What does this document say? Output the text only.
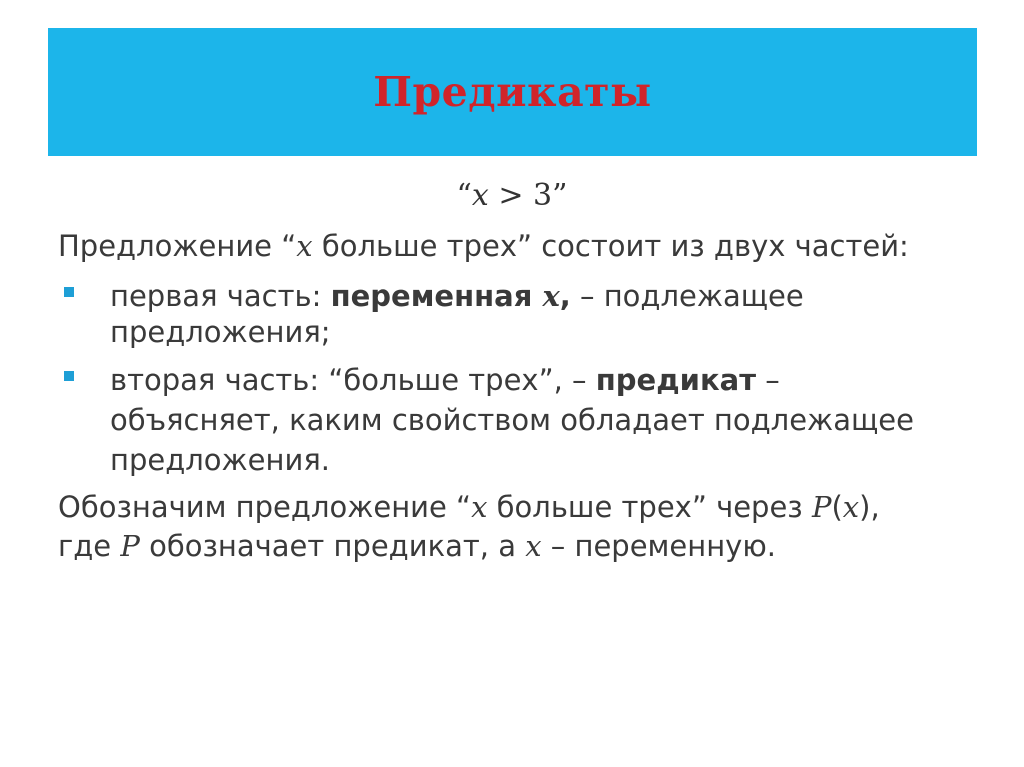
Предикаты
“x > 3”
Предложение “x больше трех” состоит из двух частей:
первая часть: переменная x, – подлежащее
предложения;
вторая часть: “больше трех”, – предикат –
объясняет, каким свойством обладает подлежащее
предложения.
Обозначим предложение “x больше трех” через P(x),
где P обозначает предикат, а x – переменную.
